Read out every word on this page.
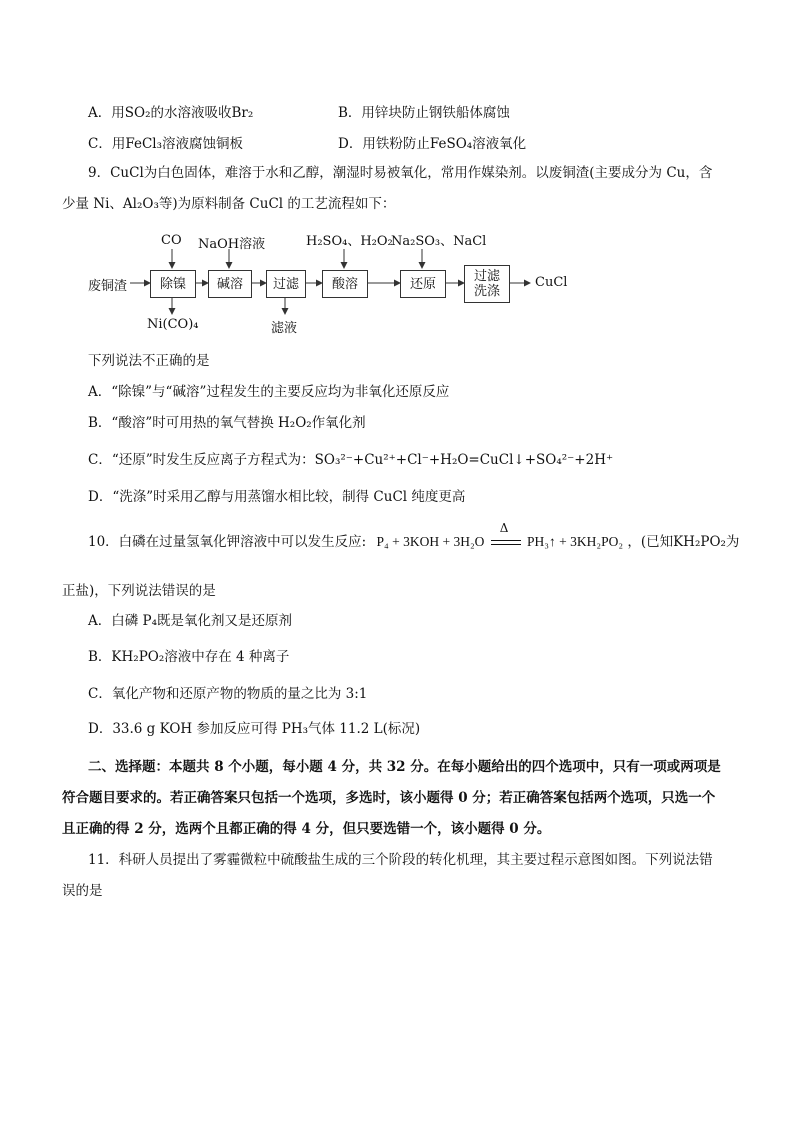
A．用SO₂的水溶液吸收Br₂	B．用锌块防止钢铁船体腐蚀
C．用FeCl₃溶液腐蚀铜板	D．用铁粉防止FeSO₄溶液氧化
9．CuCl为白色固体，难溶于水和乙醇，潮湿时易被氧化，常用作媒染剂。以废铜渣(主要成分为 Cu，含
少量 Ni、Al₂O₃等)为原料制备 CuCl 的工艺流程如下：
废铜渣	除镍	碱溶	过滤	酸溶	还原	过滤
洗涤
CuCl
CO NaOH溶液	H₂SO₄、H₂O₂
Na₂SO₃、NaCl
Ni(CO)₄	滤液
下列说法不正确的是
A．“除镍”与“碱溶”过程发生的主要反应均为非氧化还原反应
B．“酸溶”时可用热的氧气替换 H₂O₂作氧化剂
C．“还原”时发生反应离子方程式为：SO₃²⁻+Cu²⁺+Cl⁻+H₂O=CuCl↓+SO₄²⁻+2H⁺
D．“洗涤”时采用乙醇与用蒸馏水相比较，制得 CuCl 纯度更高
10．白磷在过量氢氧化钾溶液中可以发生反应: P₄ + 3KOH + 3H₂O
Δ
PH₃↑ + 3KH₂PO₂ ，(已知KH₂PO₂为
正盐)，下列说法错误的是
A．白磷 P₄既是氧化剂又是还原剂
B．KH₂PO₂溶液中存在 4 种离子
C．氧化产物和还原产物的物质的量之比为 3:1
D．33.6 g KOH 参加反应可得 PH₃气体 11.2 L(标况)
二、选择题：本题共 8 个小题，每小题 4 分，共 32 分。在每小题给出的四个选项中，只有一项或两项是
符合题目要求的。若正确答案只包括一个选项，多选时，该小题得 0 分；若正确答案包括两个选项，只选一个
且正确的得 2 分，选两个且都正确的得 4 分，但只要选错一个，该小题得 0 分。
11．科研人员提出了雾霾微粒中硫酸盐生成的三个阶段的转化机理，其主要过程示意图如图。下列说法错
误的是
